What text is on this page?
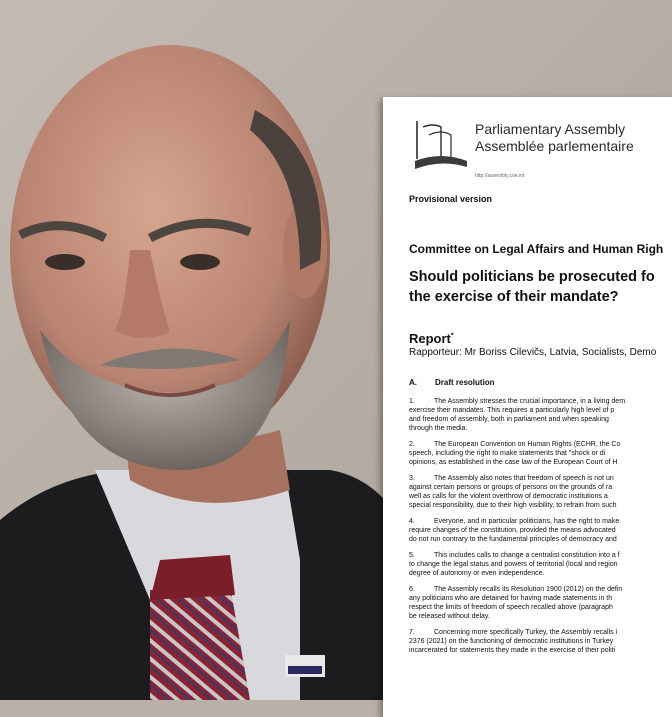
Parliamentary Assembly
Assemblée parlementaire
http://assembly.coe.int
Provisional version
Committee on Legal Affairs and Human Righ
Should politicians be prosecuted fo
the exercise of their mandate?
Report*
Rapporteur: Mr Boriss Cilevičs, Latvia, Socialists, Demo
A. Draft resolution
1.	The Assembly stresses the crucial importance, in a living dem
exercise their mandates. This requires a particularly high level of p
and freedom of assembly, both in parliament and when speaking
through the media.
2.	The European Convention on Human Rights (ECHR, the Co
speech, including the right to make statements that "shock or di
opinions, as established in the case law of the European Court of H
3.	The Assembly also notes that freedom of speech is not un
against certain persons or groups of persons on the grounds of ra
well as calls for the violent overthrow of democratic institutions a
special responsibility, due to their high visibility, to refrain from such
4.	Everyone, and in particular politicians, has the right to make
require changes of the constitution, provided the means advocated
do not run contrary to the fundamental principles of democracy and
5.	This includes calls to change a centralist constitution into a f
to change the legal status and powers of territorial (local and region
degree of autonomy or even independence.
6.	The Assembly recalls its Resolution 1900 (2012) on the defin
any politicians who are detained for having made statements in th
respect the limits of freedom of speech recalled above (paragraph
be released without delay.
7.	Concerning more specifically Turkey, the Assembly recalls i
2376 (2021) on the functioning of democratic institutions in Turkey
incarcerated for statements they made in the exercise of their politi
